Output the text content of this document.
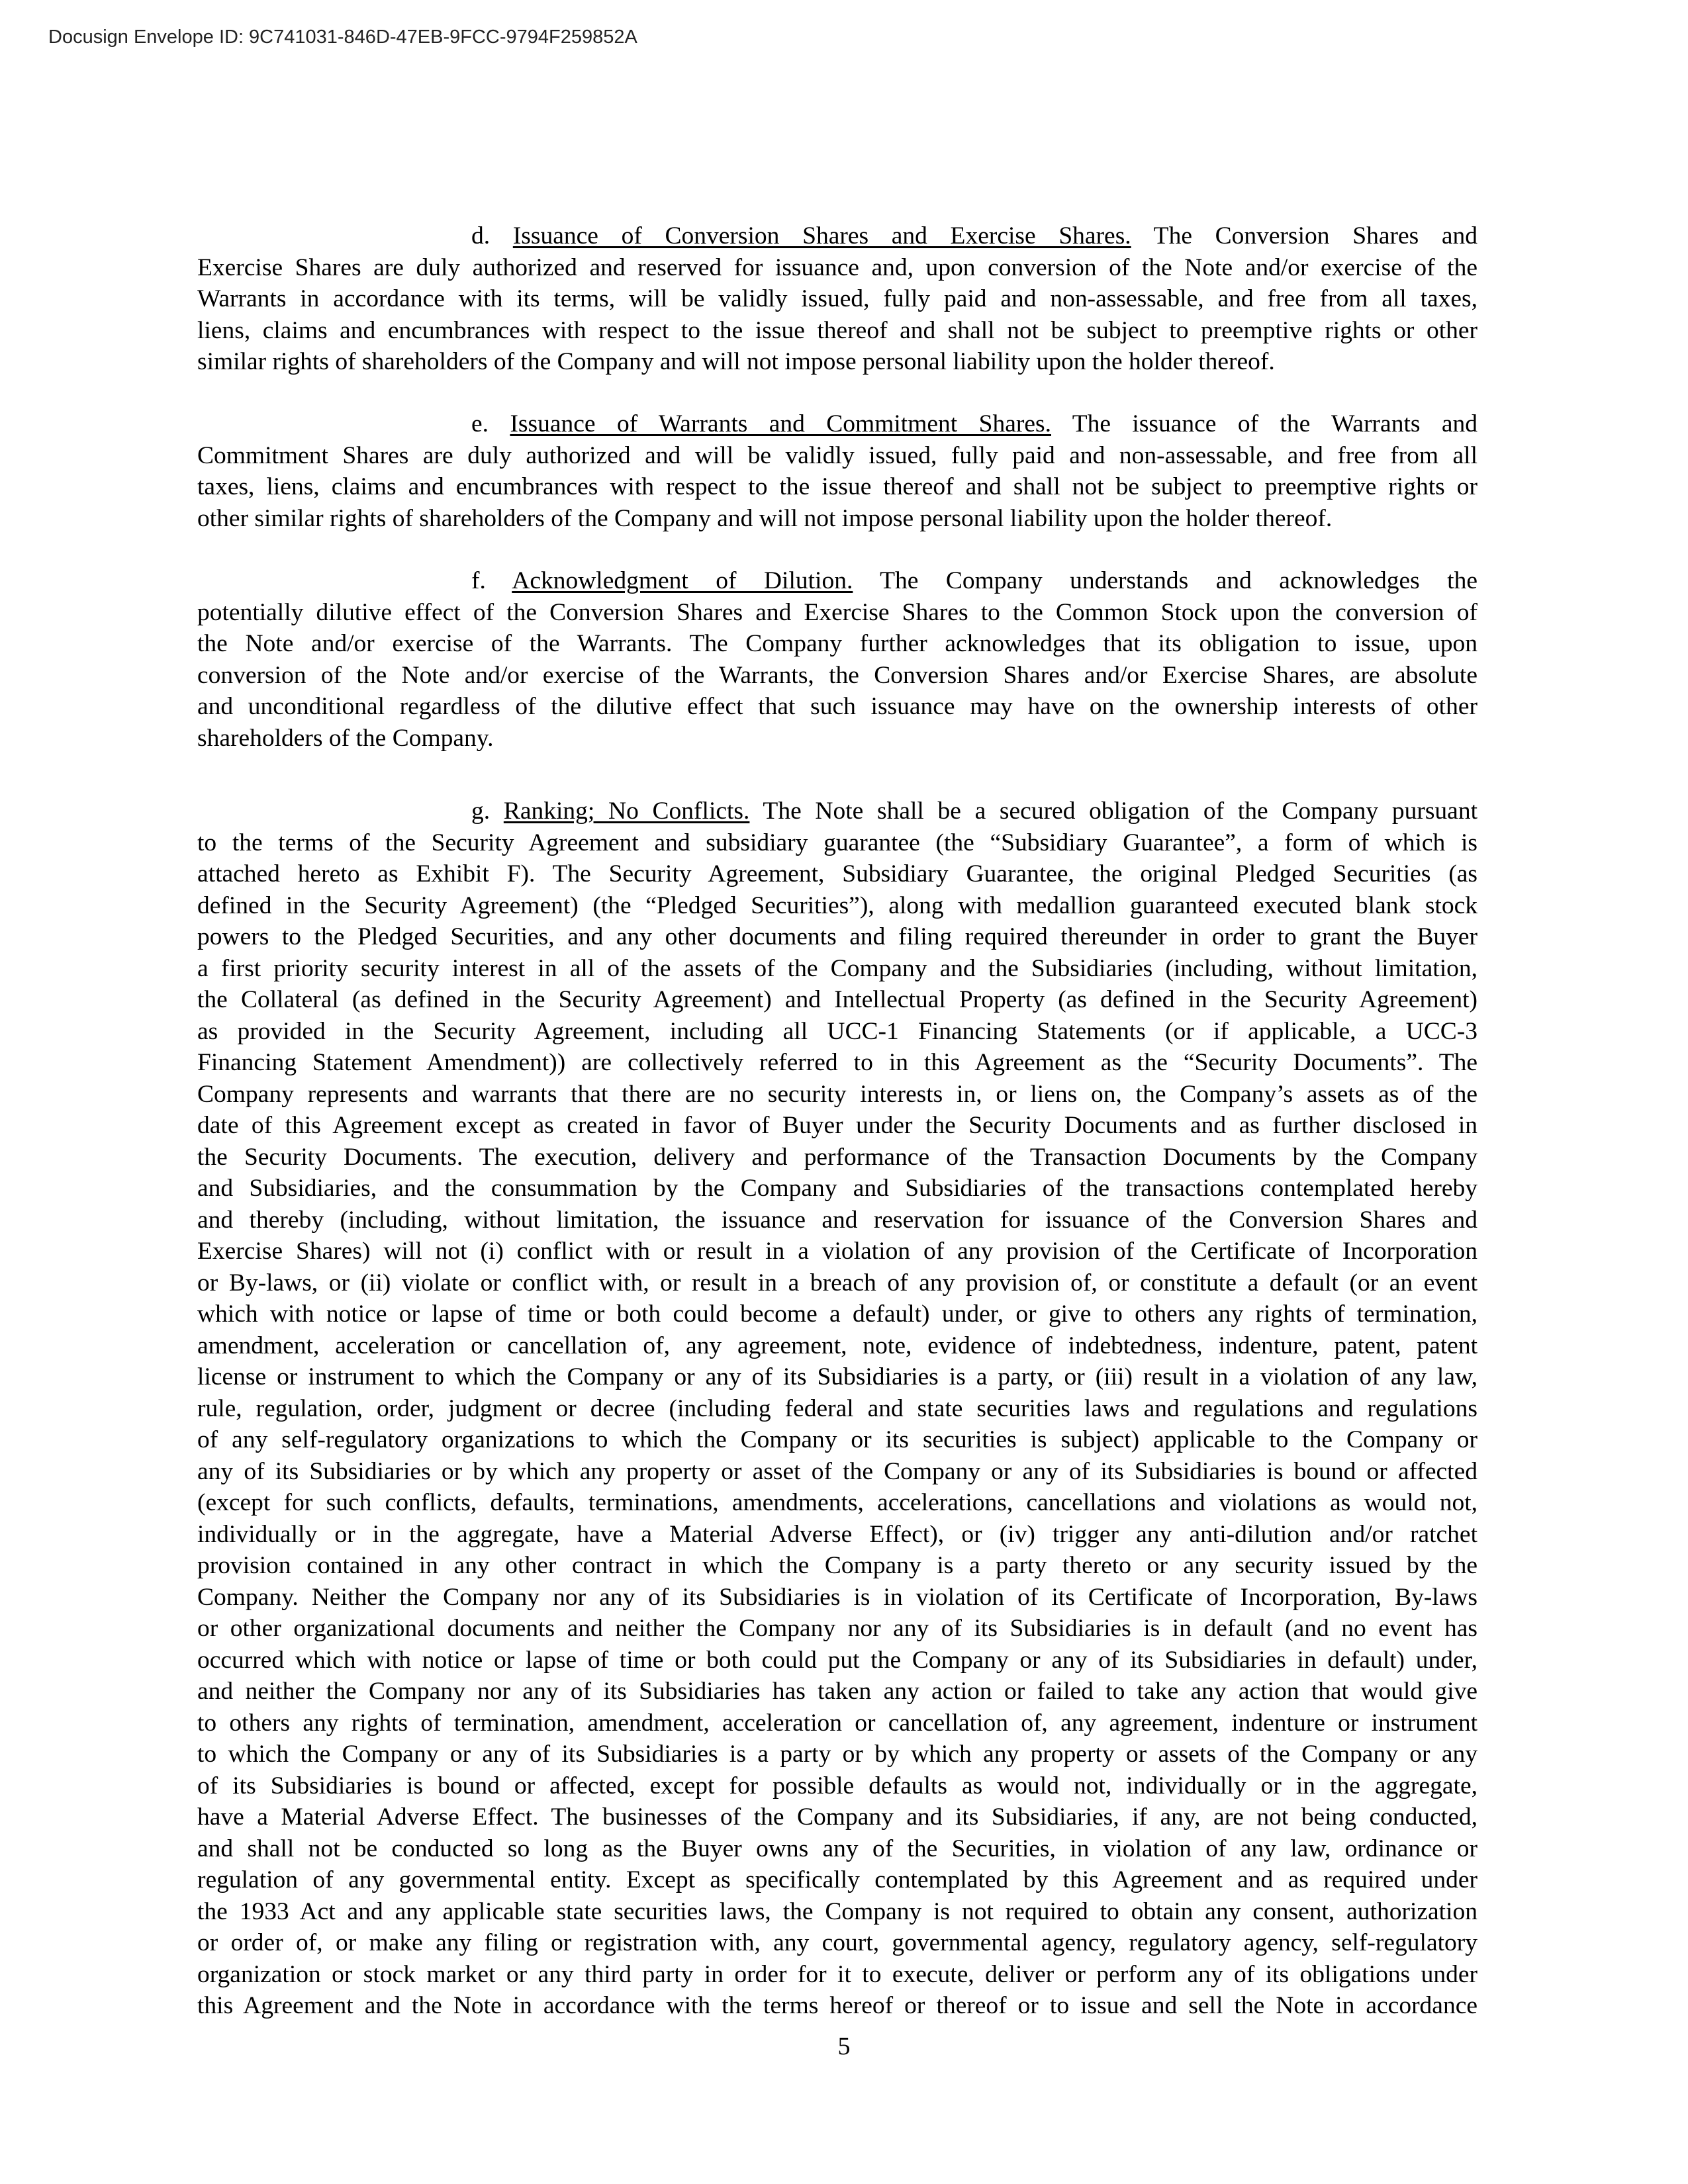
Docusign Envelope ID: 9C741031-846D-47EB-9FCC-9794F259852A
d. Issuance of Conversion Shares and Exercise Shares. The Conversion Shares and
Exercise Shares are duly authorized and reserved for issuance and, upon conversion of the Note and/or exercise of the
Warrants in accordance with its terms, will be validly issued, fully paid and non-assessable, and free from all taxes,
liens, claims and encumbrances with respect to the issue thereof and shall not be subject to preemptive rights or other
similar rights of shareholders of the Company and will not impose personal liability upon the holder thereof.
e. Issuance of Warrants and Commitment Shares. The issuance of the Warrants and
Commitment Shares are duly authorized and will be validly issued, fully paid and non-assessable, and free from all
taxes, liens, claims and encumbrances with respect to the issue thereof and shall not be subject to preemptive rights or
other similar rights of shareholders of the Company and will not impose personal liability upon the holder thereof.
f. Acknowledgment of Dilution. The Company understands and acknowledges the
potentially dilutive effect of the Conversion Shares and Exercise Shares to the Common Stock upon the conversion of
the Note and/or exercise of the Warrants. The Company further acknowledges that its obligation to issue, upon
conversion of the Note and/or exercise of the Warrants, the Conversion Shares and/or Exercise Shares, are absolute
and unconditional regardless of the dilutive effect that such issuance may have on the ownership interests of other
shareholders of the Company.
g. Ranking; No Conflicts. The Note shall be a secured obligation of the Company pursuant
to the terms of the Security Agreement and subsidiary guarantee (the “Subsidiary Guarantee”, a form of which is
attached hereto as Exhibit F). The Security Agreement, Subsidiary Guarantee, the original Pledged Securities (as
defined in the Security Agreement) (the “Pledged Securities”), along with medallion guaranteed executed blank stock
powers to the Pledged Securities, and any other documents and filing required thereunder in order to grant the Buyer
a first priority security interest in all of the assets of the Company and the Subsidiaries (including, without limitation,
the Collateral (as defined in the Security Agreement) and Intellectual Property (as defined in the Security Agreement)
as provided in the Security Agreement, including all UCC-1 Financing Statements (or if applicable, a UCC-3
Financing Statement Amendment)) are collectively referred to in this Agreement as the “Security Documents”. The
Company represents and warrants that there are no security interests in, or liens on, the Company’s assets as of the
date of this Agreement except as created in favor of Buyer under the Security Documents and as further disclosed in
the Security Documents. The execution, delivery and performance of the Transaction Documents by the Company
and Subsidiaries, and the consummation by the Company and Subsidiaries of the transactions contemplated hereby
and thereby (including, without limitation, the issuance and reservation for issuance of the Conversion Shares and
Exercise Shares) will not (i) conflict with or result in a violation of any provision of the Certificate of Incorporation
or By-laws, or (ii) violate or conflict with, or result in a breach of any provision of, or constitute a default (or an event
which with notice or lapse of time or both could become a default) under, or give to others any rights of termination,
amendment, acceleration or cancellation of, any agreement, note, evidence of indebtedness, indenture, patent, patent
license or instrument to which the Company or any of its Subsidiaries is a party, or (iii) result in a violation of any law,
rule, regulation, order, judgment or decree (including federal and state securities laws and regulations and regulations
of any self-regulatory organizations to which the Company or its securities is subject) applicable to the Company or
any of its Subsidiaries or by which any property or asset of the Company or any of its Subsidiaries is bound or affected
(except for such conflicts, defaults, terminations, amendments, accelerations, cancellations and violations as would not,
individually or in the aggregate, have a Material Adverse Effect), or (iv) trigger any anti-dilution and/or ratchet
provision contained in any other contract in which the Company is a party thereto or any security issued by the
Company. Neither the Company nor any of its Subsidiaries is in violation of its Certificate of Incorporation, By-laws
or other organizational documents and neither the Company nor any of its Subsidiaries is in default (and no event has
occurred which with notice or lapse of time or both could put the Company or any of its Subsidiaries in default) under,
and neither the Company nor any of its Subsidiaries has taken any action or failed to take any action that would give
to others any rights of termination, amendment, acceleration or cancellation of, any agreement, indenture or instrument
to which the Company or any of its Subsidiaries is a party or by which any property or assets of the Company or any
of its Subsidiaries is bound or affected, except for possible defaults as would not, individually or in the aggregate,
have a Material Adverse Effect. The businesses of the Company and its Subsidiaries, if any, are not being conducted,
and shall not be conducted so long as the Buyer owns any of the Securities, in violation of any law, ordinance or
regulation of any governmental entity. Except as specifically contemplated by this Agreement and as required under
the 1933 Act and any applicable state securities laws, the Company is not required to obtain any consent, authorization
or order of, or make any filing or registration with, any court, governmental agency, regulatory agency, self-regulatory
organization or stock market or any third party in order for it to execute, deliver or perform any of its obligations under
this Agreement and the Note in accordance with the terms hereof or thereof or to issue and sell the Note in accordance
5
